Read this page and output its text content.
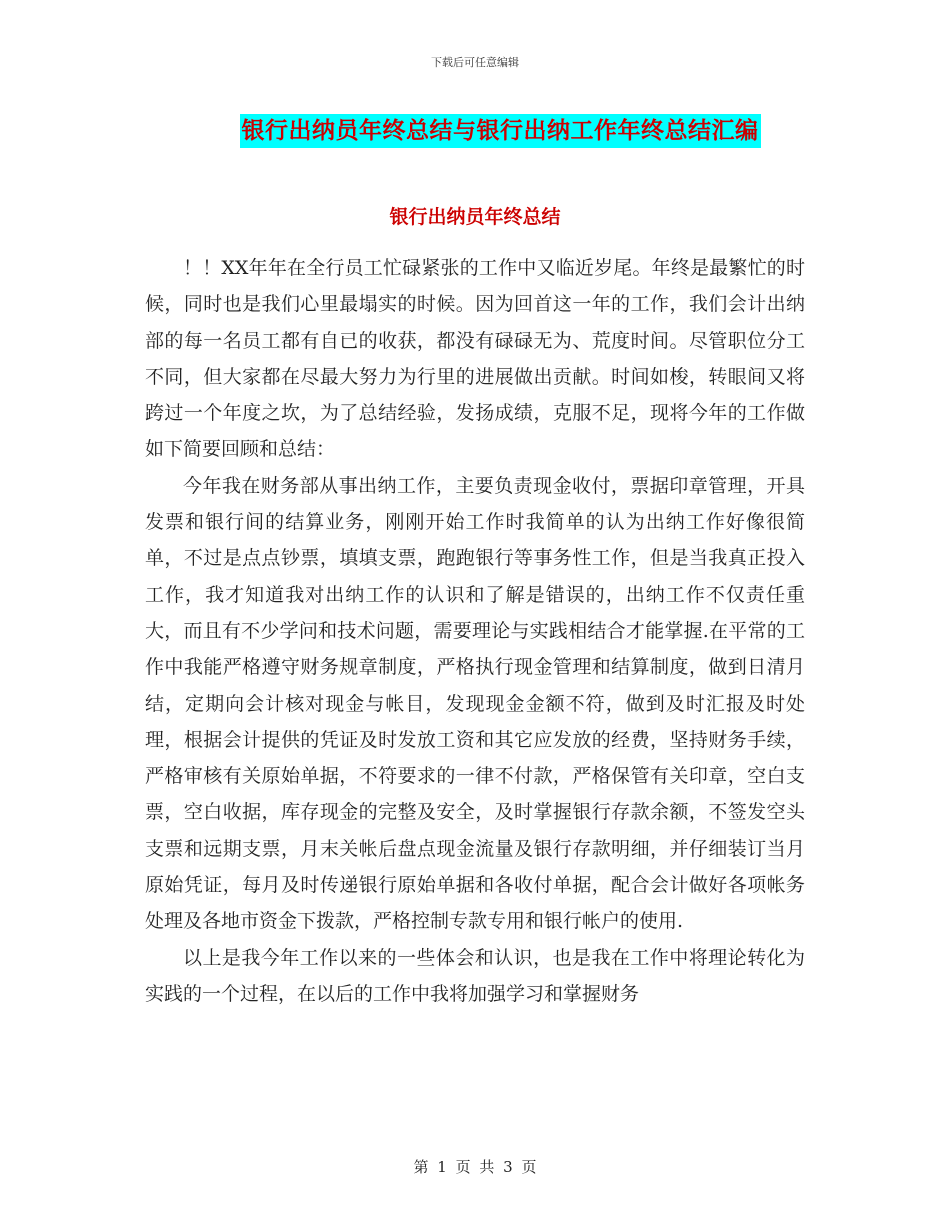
下载后可任意编辑
银行出纳员年终总结与银行出纳工作年终总结汇编
银行出纳员年终总结

！！XX年年在全行员工忙碌紧张的工作中又临近岁尾。年终是最繁忙的时候，同时也是我们心里最塌实的时候。因为回首这一年的工作，我们会计出纳部的每一名员工都有自已的收获，都没有碌碌无为、荒度时间。尽管职位分工不同，但大家都在尽最大努力为行里的进展做出贡献。时间如梭，转眼间又将跨过一个年度之坎，为了总结经验，发扬成绩，克服不足，现将今年的工作做如下简要回顾和总结：

今年我在财务部从事出纳工作，主要负责现金收付，票据印章管理，开具发票和银行间的结算业务，刚刚开始工作时我简单的认为出纳工作好像很简单，不过是点点钞票，填填支票，跑跑银行等事务性工作，但是当我真正投入工作，我才知道我对出纳工作的认识和了解是错误的，出纳工作不仅责任重大，而且有不少学问和技术问题，需要理论与实践相结合才能掌握.在平常的工作中我能严格遵守财务规章制度，严格执行现金管理和结算制度，做到日清月结，定期向会计核对现金与帐目，发现现金金额不符，做到及时汇报及时处理，根据会计提供的凭证及时发放工资和其它应发放的经费，坚持财务手续，严格审核有关原始单据，不符要求的一律不付款，严格保管有关印章，空白支票，空白收据，库存现金的完整及安全，及时掌握银行存款余额，不签发空头支票和远期支票，月末关帐后盘点现金流量及银行存款明细，并仔细装订当月原始凭证，每月及时传递银行原始单据和各收付单据，配合会计做好各项帐务处理及各地市资金下拨款，严格控制专款专用和银行帐户的使用.

以上是我今年工作以来的一些体会和认识，也是我在工作中将理论转化为实践的一个过程，在以后的工作中我将加强学习和掌握财务

第 1 页 共 3 页
